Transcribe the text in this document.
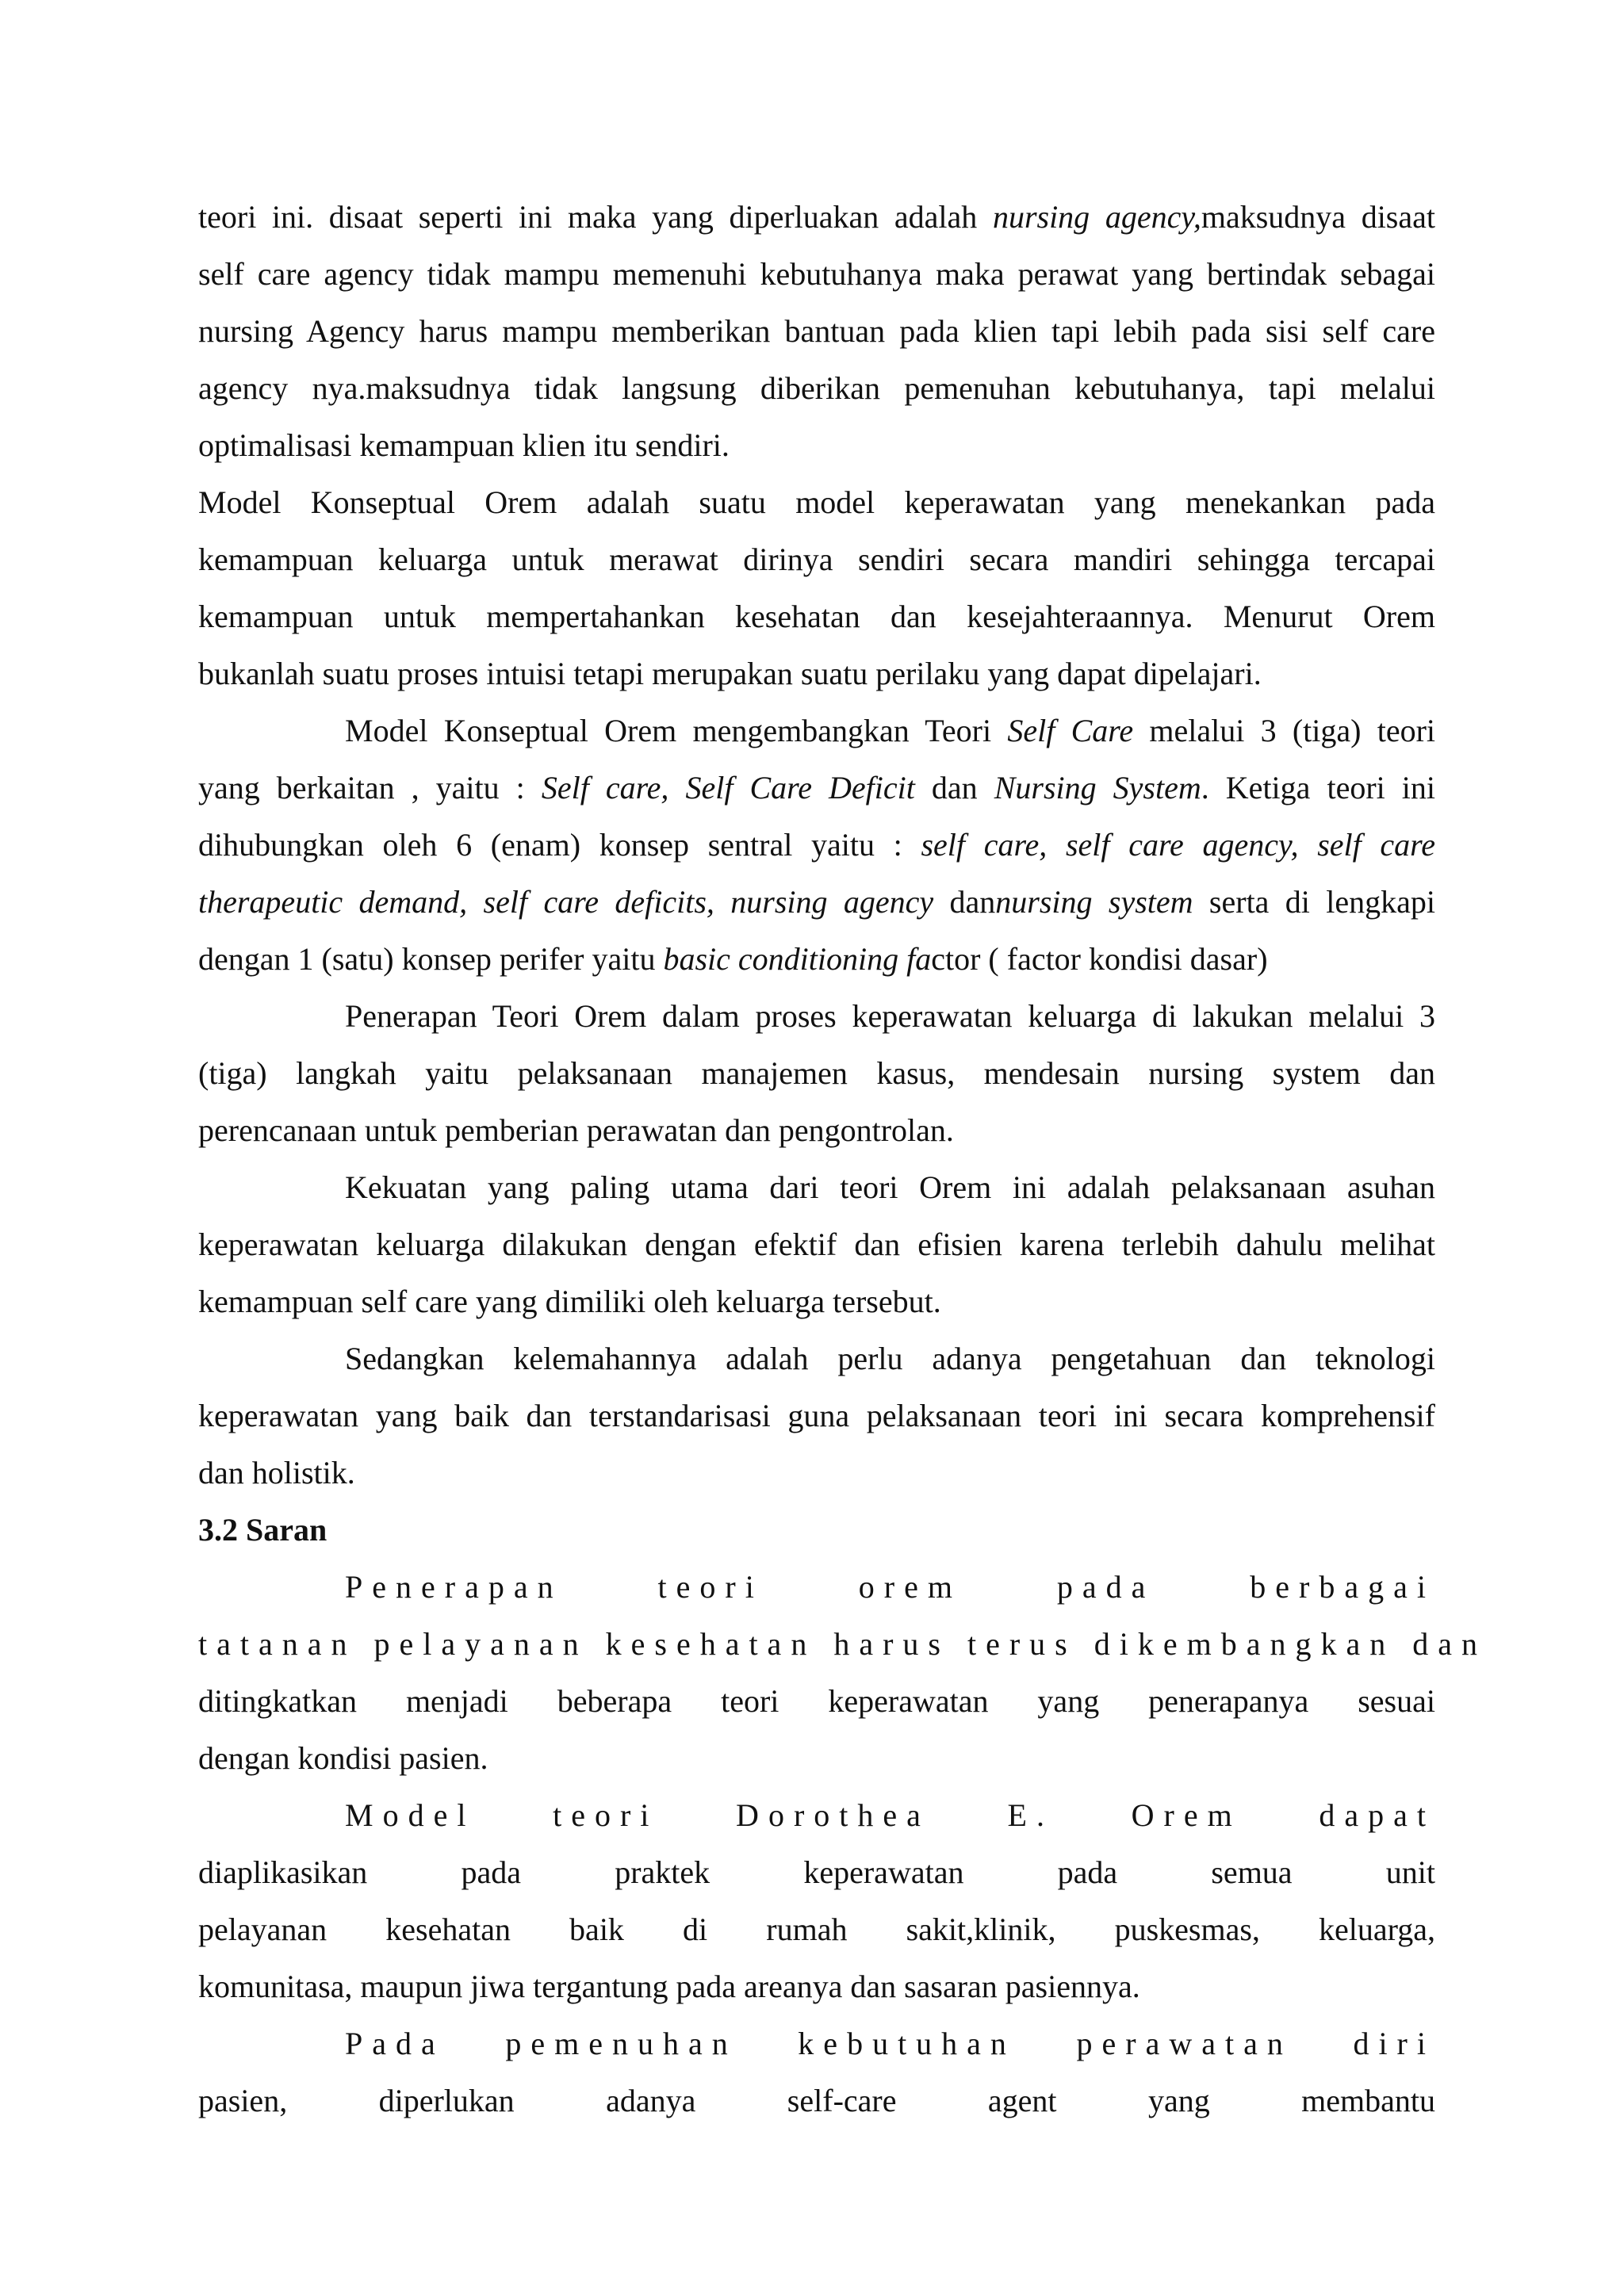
teori ini. disaat seperti ini maka yang diperluakan adalah nursing agency,maksudnya disaat
self care agency tidak mampu memenuhi kebutuhanya maka perawat yang bertindak sebagai
nursing Agency harus mampu memberikan bantuan pada klien tapi lebih pada sisi self care
agency nya.maksudnya tidak langsung diberikan pemenuhan kebutuhanya, tapi melalui
optimalisasi kemampuan klien itu sendiri.
Model Konseptual Orem adalah suatu model keperawatan yang menekankan pada
kemampuan keluarga untuk merawat dirinya sendiri secara mandiri sehingga tercapai
kemampuan untuk mempertahankan kesehatan dan kesejahteraannya. Menurut Orem
bukanlah suatu proses intuisi tetapi merupakan suatu perilaku yang dapat dipelajari.
Model Konseptual Orem mengembangkan Teori Self Care melalui 3 (tiga) teori
yang berkaitan , yaitu : Self care, Self Care Deficit dan Nursing System. Ketiga teori ini
dihubungkan oleh 6 (enam) konsep sentral yaitu : self care, self care agency, self care
therapeutic demand, self care deficits, nursing agency dannursing system serta di lengkapi
dengan 1 (satu) konsep perifer yaitu basic conditioning factor ( factor kondisi dasar)
Penerapan Teori Orem dalam proses keperawatan keluarga di lakukan melalui 3
(tiga) langkah yaitu pelaksanaan manajemen kasus, mendesain nursing system dan
perencanaan untuk pemberian perawatan dan pengontrolan.
Kekuatan yang paling utama dari teori Orem ini adalah pelaksanaan asuhan
keperawatan keluarga dilakukan dengan efektif dan efisien karena terlebih dahulu melihat
kemampuan self care yang dimiliki oleh keluarga tersebut.
Sedangkan kelemahannya adalah perlu adanya pengetahuan dan teknologi
keperawatan yang baik dan terstandarisasi guna pelaksanaan teori ini secara komprehensif
dan holistik.
3.2 Saran
Penerapan teori orem pada berbagai
tatanan pelayanan kesehatan harus terus dikembangkan dan
ditingkatkan menjadi beberapa teori keperawatan yang penerapanya sesuai
dengan kondisi pasien.
Model teori Dorothea E. Orem dapat
diaplikasikan pada praktek keperawatan pada semua unit
pelayanan kesehatan baik di rumah sakit,klinik, puskesmas, keluarga,
komunitasa, maupun jiwa tergantung pada areanya dan sasaran pasiennya.
Pada pemenuhan kebutuhan perawatan diri
pasien, diperlukan adanya self-care agent yang membantu
